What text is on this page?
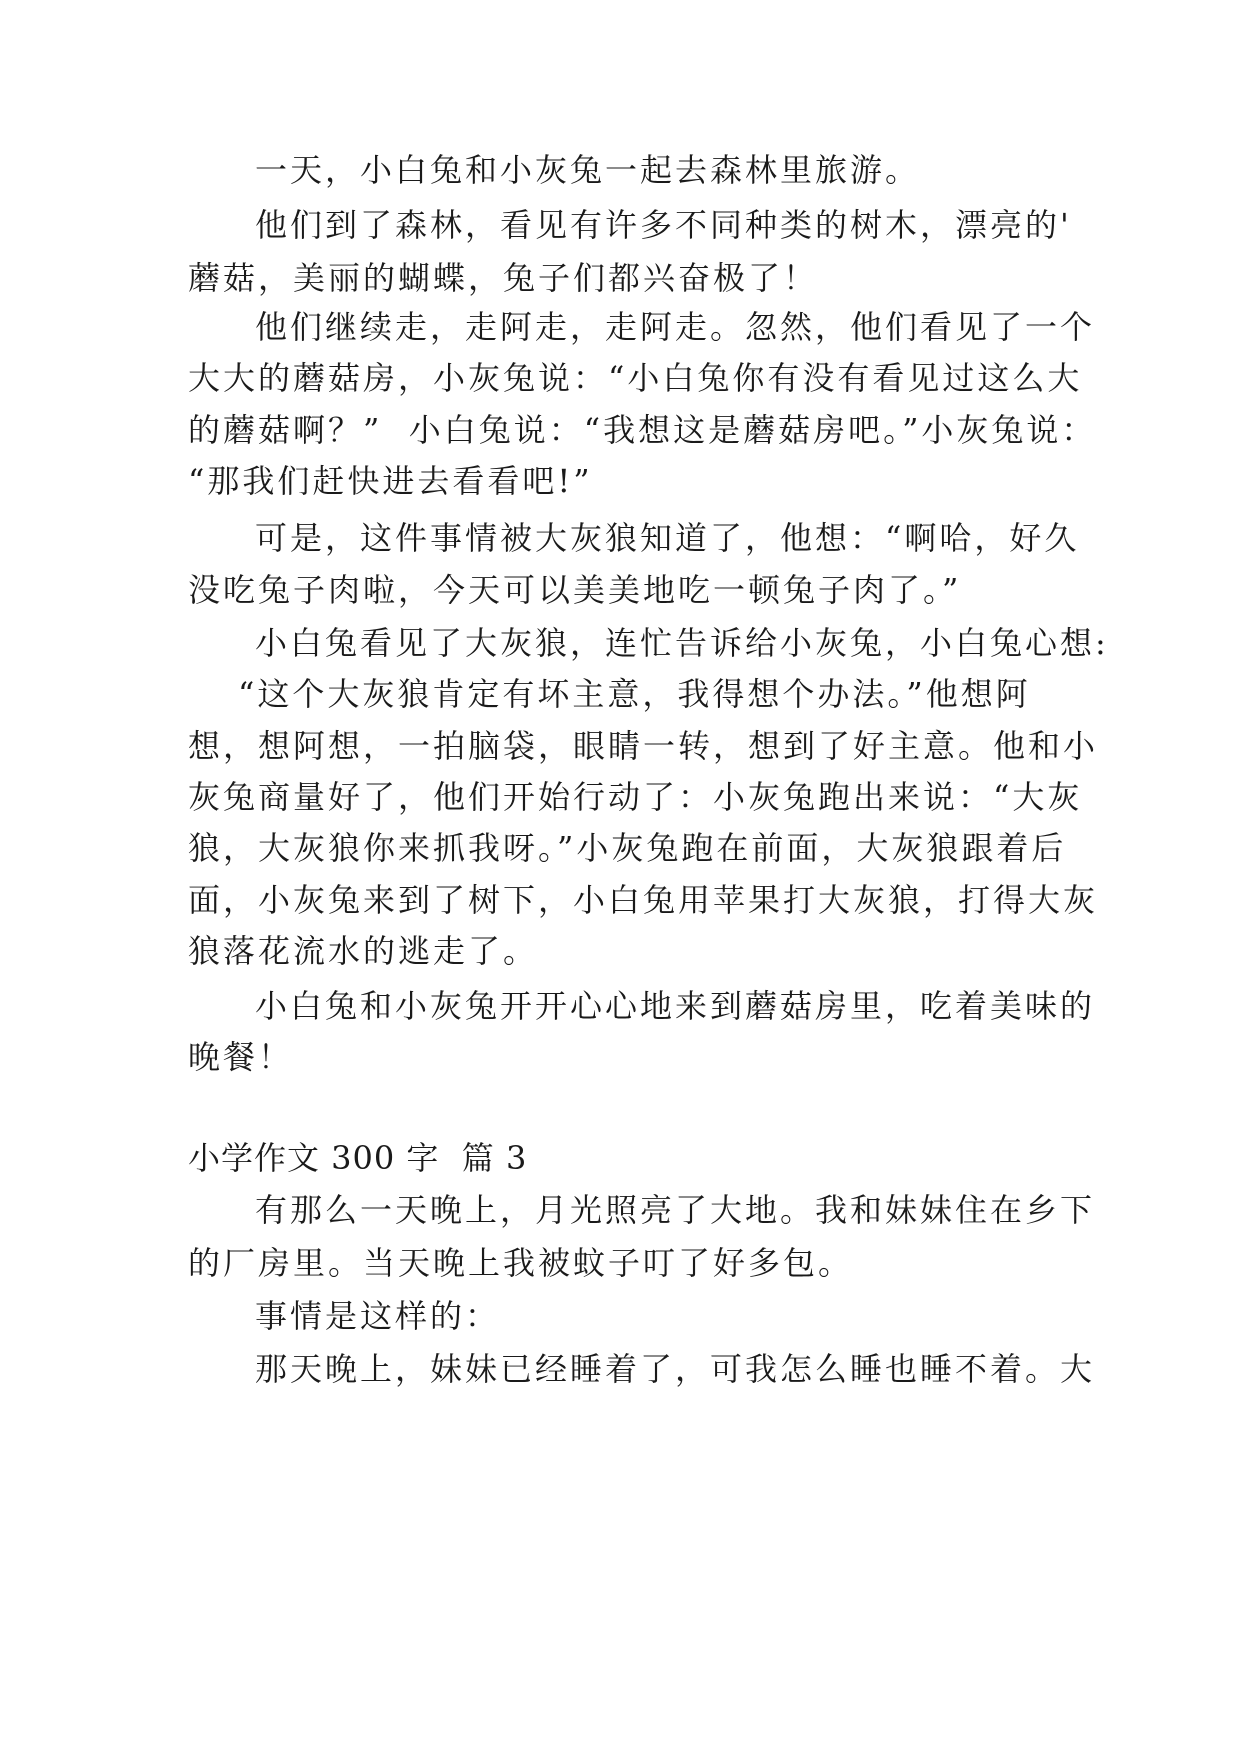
一天，小白兔和小灰兔一起去森林里旅游。
他们到了森林，看见有许多不同种类的树木，漂亮的'
蘑菇，美丽的蝴蝶，兔子们都兴奋极了！
他们继续走，走阿走，走阿走。忽然，他们看见了一个
大大的蘑菇房，小灰兔说：“小白兔你有没有看见过这么大
的蘑菇啊？”  小白兔说：“我想这是蘑菇房吧。”小灰兔说：
“那我们赶快进去看看吧!”
可是，这件事情被大灰狼知道了，他想：“啊哈，好久
没吃兔子肉啦，今天可以美美地吃一顿兔子肉了。”
小白兔看见了大灰狼，连忙告诉给小灰兔，小白兔心想:
“这个大灰狼肯定有坏主意，我得想个办法。”他想阿
想，想阿想，一拍脑袋，眼睛一转，想到了好主意。他和小
灰兔商量好了，他们开始行动了：小灰兔跑出来说：“大灰
狼，大灰狼你来抓我呀。”小灰兔跑在前面，大灰狼跟着后
面，小灰兔来到了树下，小白兔用苹果打大灰狼，打得大灰
狼落花流水的逃走了。
小白兔和小灰兔开开心心地来到蘑菇房里，吃着美味的
晚餐！
小学作文 300 字  篇 3
有那么一天晚上，月光照亮了大地。我和妹妹住在乡下
的厂房里。当天晚上我被蚊子叮了好多包。
事情是这样的：
那天晚上，妹妹已经睡着了，可我怎么睡也睡不着。大
